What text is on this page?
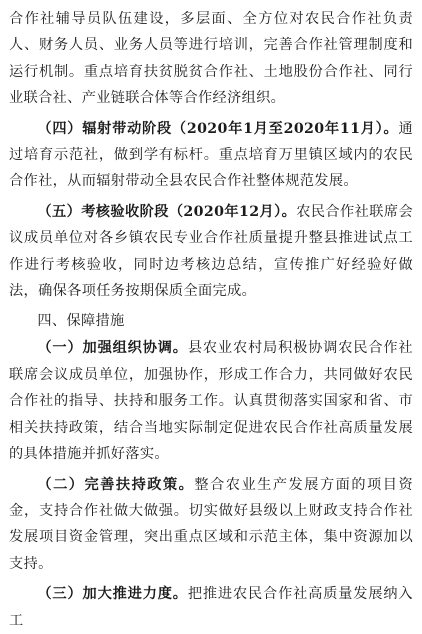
合作社辅导员队伍建设，多层面、全方位对农民合作社负责人、财务人员、业务人员等进行培训，完善合作社管理制度和运行机制。重点培育扶贫脱贫合作社、土地股份合作社、同行业联合社、产业链联合体等合作经济组织。

（四）辐射带动阶段（2020年1月至2020年11月）。通过培育示范社，做到学有标杆。重点培育万里镇区域内的农民合作社，从而辐射带动全县农民合作社整体规范发展。

（五）考核验收阶段（2020年12月）。农民合作社联席会议成员单位对各乡镇农民专业合作社质量提升整县推进试点工作进行考核验收，同时边考核边总结，宣传推广好经验好做法，确保各项任务按期保质全面完成。

四、保障措施

（一）加强组织协调。县农业农村局积极协调农民合作社联席会议成员单位，加强协作，形成工作合力，共同做好农民合作社的指导、扶持和服务工作。认真贯彻落实国家和省、市相关扶持政策，结合当地实际制定促进农民合作社高质量发展的具体措施并抓好落实。

（二）完善扶持政策。整合农业生产发展方面的项目资金，支持合作社做大做强。切实做好县级以上财政支持合作社发展项目资金管理，突出重点区域和示范主体，集中资源加以支持。

（三）加大推进力度。把推进农民合作社高质量发展纳入工
